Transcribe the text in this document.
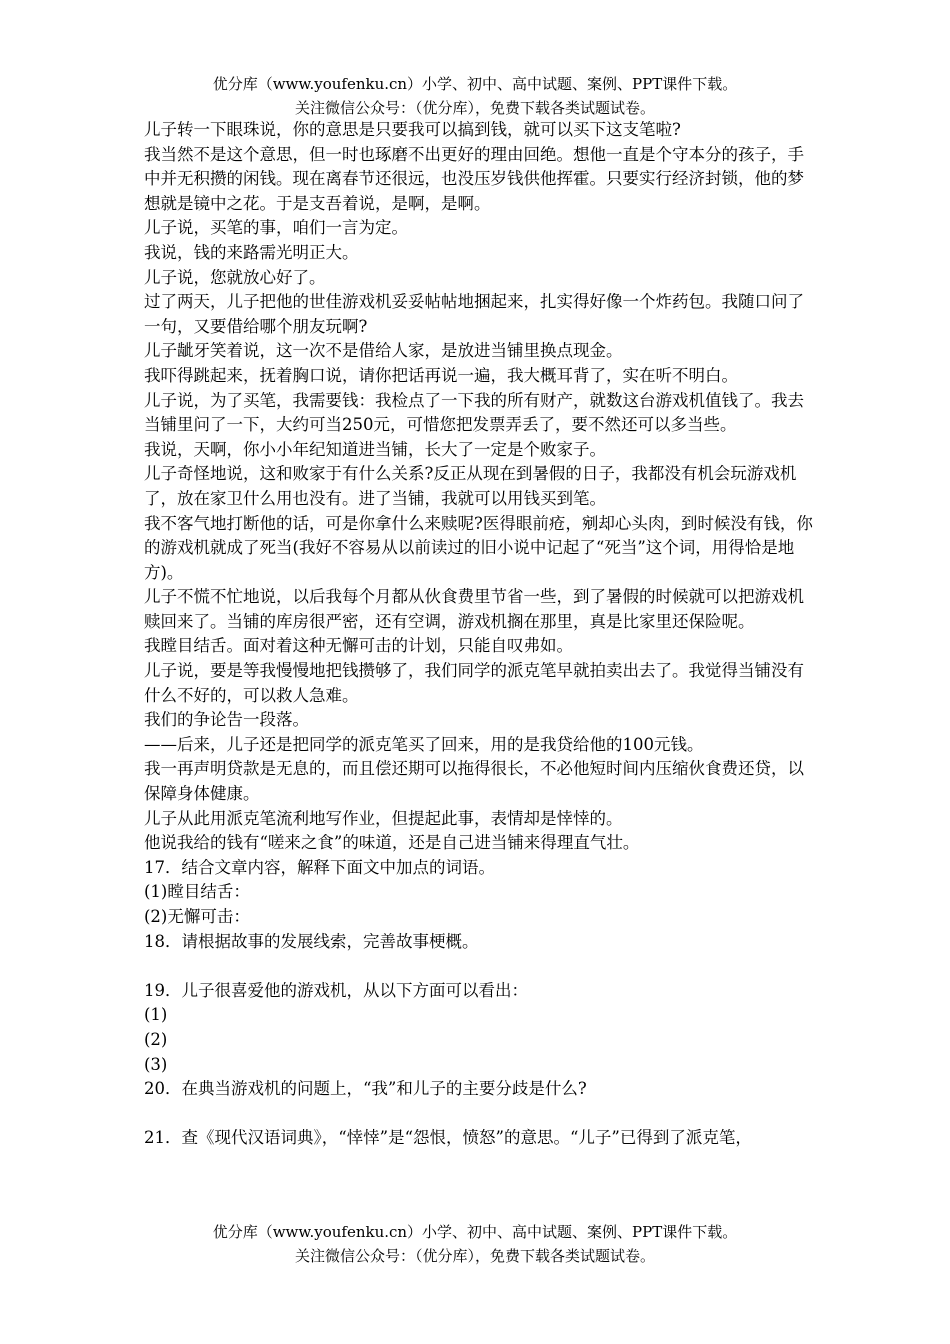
优分库（www.youfenku.cn）小学、初中、高中试题、案例、PPT课件下载。
关注微信公众号：（优分库），免费下载各类试题试卷。

儿子转一下眼珠说，你的意思是只要我可以搞到钱，就可以买下这支笔啦?

我当然不是这个意思，但一时也琢磨不出更好的理由回绝。想他一直是个守本分的孩子，手中并无积攒的闲钱。现在离春节还很远，也没压岁钱供他挥霍。只要实行经济封锁，他的梦想就是镜中之花。于是支吾着说，是啊，是啊。

儿子说，买笔的事，咱们一言为定。

我说，钱的来路需光明正大。

儿子说，您就放心好了。

过了两天，儿子把他的世佳游戏机妥妥帖帖地捆起来，扎实得好像一个炸药包。我随口问了一句，又要借给哪个朋友玩啊?

儿子龇牙笑着说，这一次不是借给人家，是放进当铺里换点现金。

我吓得跳起来，抚着胸口说，请你把话再说一遍，我大概耳背了，实在听不明白。

儿子说，为了买笔，我需要钱：我检点了一下我的所有财产，就数这台游戏机值钱了。我去当铺里问了一下，大约可当250元，可惜您把发票弄丢了，要不然还可以多当些。

我说，天啊，你小小年纪知道进当铺，长大了一定是个败家子。

儿子奇怪地说，这和败家于有什么关系?反正从现在到暑假的日子，我都没有机会玩游戏机了，放在家卫什么用也没有。进了当铺，我就可以用钱买到笔。

我不客气地打断他的话，可是你拿什么来赎呢?医得眼前疮，剜却心头肉，到时候没有钱，你的游戏机就成了死当(我好不容易从以前读过的旧小说中记起了“死当”这个词，用得恰是地方)。

儿子不慌不忙地说，以后我每个月都从伙食费里节省一些，到了暑假的时候就可以把游戏机赎回来了。当铺的库房很严密，还有空调，游戏机搁在那里，真是比家里还保险呢。

我瞠目结舌。面对着这种无懈可击的计划，只能自叹弗如。

儿子说，要是等我慢慢地把钱攒够了，我们同学的派克笔早就拍卖出去了。我觉得当铺没有什么不好的，可以救人急难。

我们的争论告一段落。

——后来，儿子还是把同学的派克笔买了回来，用的是我贷给他的100元钱。

我一再声明贷款是无息的，而且偿还期可以拖得很长，不必他短时间内压缩伙食费还贷，以保障身体健康。

儿子从此用派克笔流利地写作业，但提起此事，表情却是悻悻的。

他说我给的钱有“嗟来之食”的味道，还是自己进当铺来得理直气壮。

17．结合文章内容，解释下面文中加点的词语。

(1)瞠目结舌：

(2)无懈可击：

18．请根据故事的发展线索，完善故事梗概。

19．儿子很喜爱他的游戏机，从以下方面可以看出：

(1)

(2)

(3)

20．在典当游戏机的问题上，“我”和儿子的主要分歧是什么?

21．查《现代汉语词典》，“悻悻”是“怨恨，愤怒”的意思。“儿子”已得到了派克笔，

优分库（www.youfenku.cn）小学、初中、高中试题、案例、PPT课件下载。
关注微信公众号：（优分库），免费下载各类试题试卷。
